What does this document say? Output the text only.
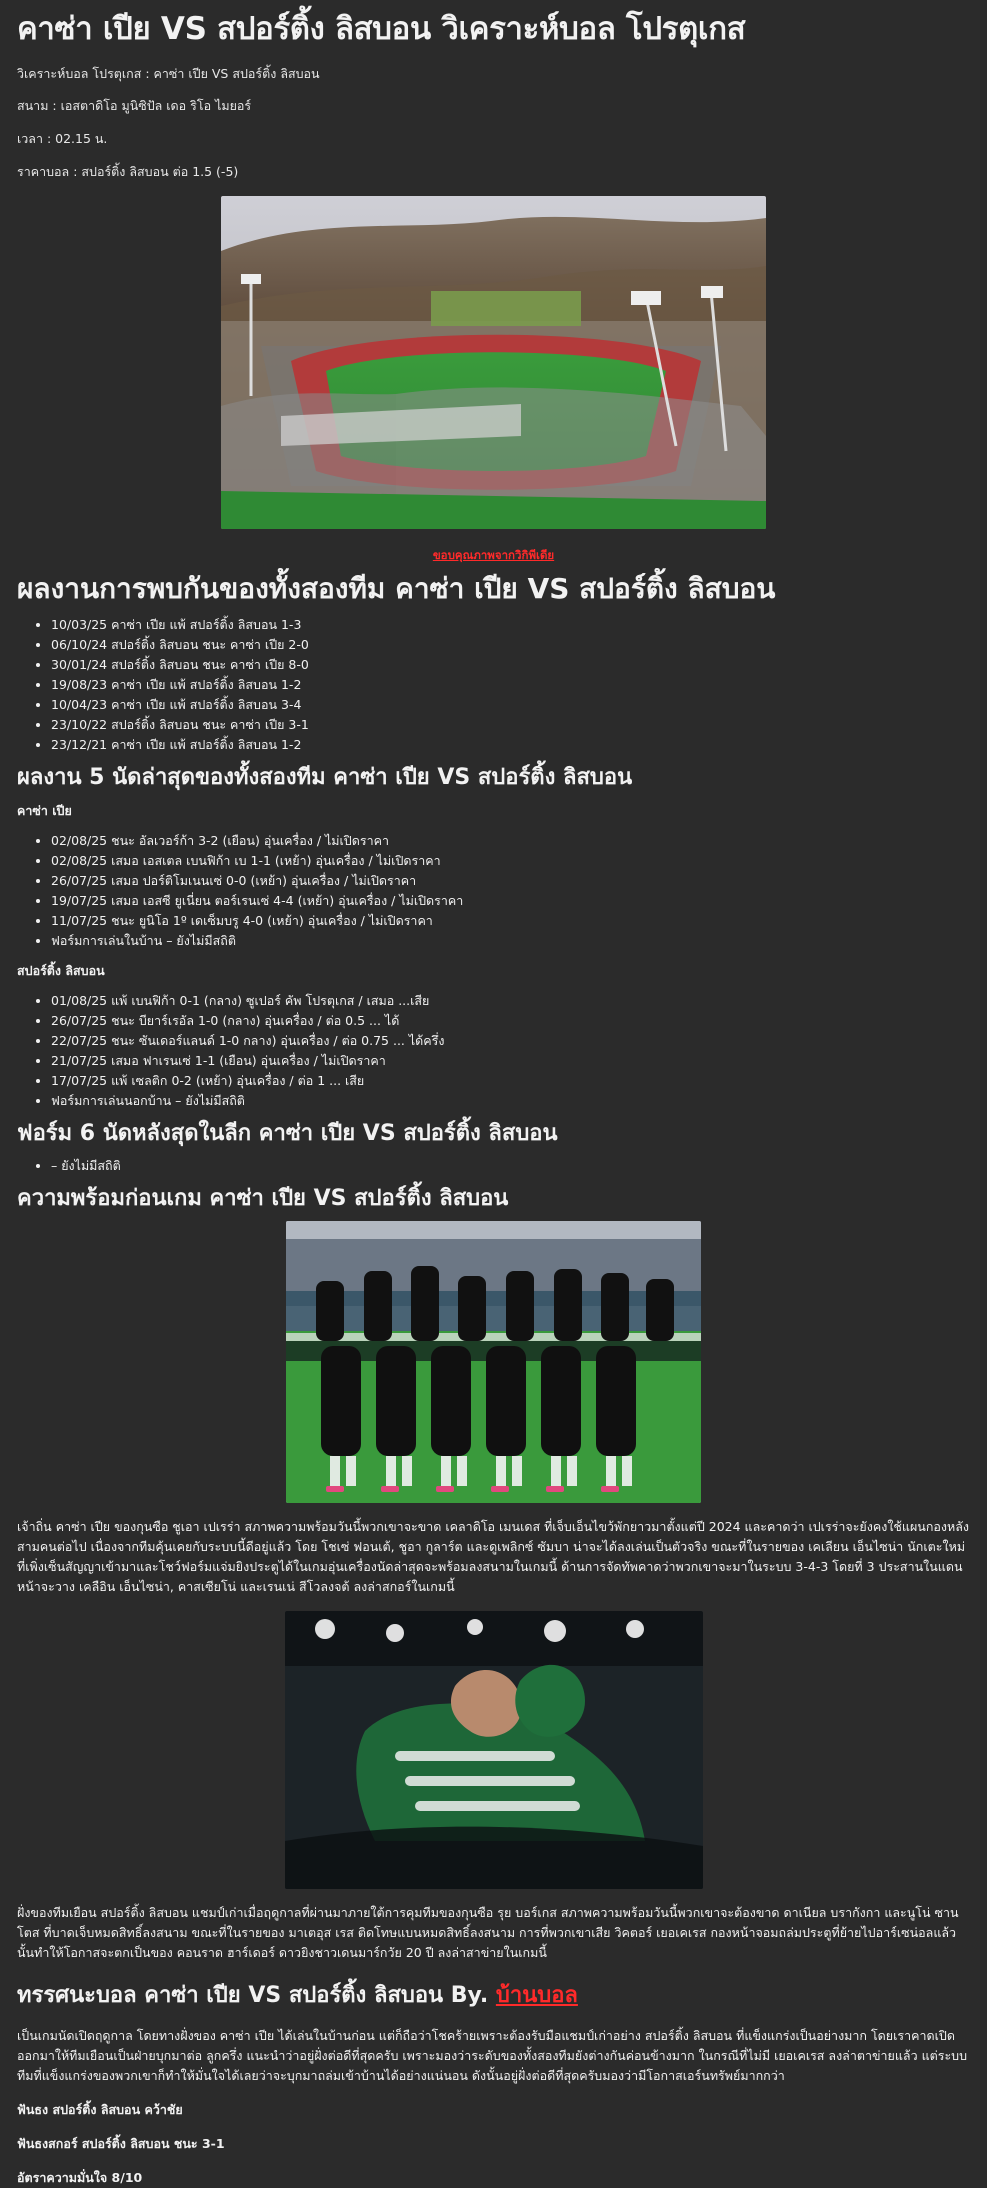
คาซ่า เปีย VS สปอร์ติ้ง ลิสบอน วิเคราะห์บอล โปรตุเกส
วิเคราะห์บอล โปรตุเกส : คาซ่า เปีย VS สปอร์ติ้ง ลิสบอน
สนาม : เอสตาดิโอ มูนิซิปัล เดอ ริโอ ไมยอร์
เวลา : 02.15 น.
ราคาบอล : สปอร์ติ้ง ลิสบอน ต่อ 1.5 (-5)
ขอบคุณภาพจากวิกิพีเดีย
ผลงานการพบกันของทั้งสองทีม คาซ่า เปีย VS สปอร์ติ้ง ลิสบอน
• 10/03/25 คาซ่า เปีย แพ้ สปอร์ติ้ง ลิสบอน 1-3
• 06/10/24 สปอร์ติ้ง ลิสบอน ชนะ คาซ่า เปีย 2-0
• 30/01/24 สปอร์ติ้ง ลิสบอน ชนะ คาซ่า เปีย 8-0
• 19/08/23 คาซ่า เปีย แพ้ สปอร์ติ้ง ลิสบอน 1-2
• 10/04/23 คาซ่า เปีย แพ้ สปอร์ติ้ง ลิสบอน 3-4
• 23/10/22 สปอร์ติ้ง ลิสบอน ชนะ คาซ่า เปีย 3-1
• 23/12/21 คาซ่า เปีย แพ้ สปอร์ติ้ง ลิสบอน 1-2
ผลงาน 5 นัดล่าสุดของทั้งสองทีม คาซ่า เปีย VS สปอร์ติ้ง ลิสบอน
คาซ่า เปีย
• 02/08/25 ชนะ อัลเวอร์ก้า 3-2 (เยือน) อุ่นเครื่อง / ไม่เปิดราคา
• 02/08/25 เสมอ เอสเตล เบนฟิก้า เบ 1-1 (เหย้า) อุ่นเครื่อง / ไม่เปิดราคา
• 26/07/25 เสมอ ปอร์ติโมเนนเซ่ 0-0 (เหย้า) อุ่นเครื่อง / ไม่เปิดราคา
• 19/07/25 เสมอ เอสซี ยูเนี่ยน ตอร์เรนเซ่ 4-4 (เหย้า) อุ่นเครื่อง / ไม่เปิดราคา
• 11/07/25 ชนะ ยูนิโอ 1º เดเซ็มบรู 4-0 (เหย้า) อุ่นเครื่อง / ไม่เปิดราคา
• ฟอร์มการเล่นในบ้าน – ยังไม่มีสถิติ
สปอร์ติ้ง ลิสบอน
• 01/08/25 แพ้ เบนฟิก้า 0-1 (กลาง) ซูเปอร์ คัพ โปรตุเกส / เสมอ ...เสีย
• 26/07/25 ชนะ บียาร์เรอัล 1-0 (กลาง) อุ่นเครื่อง / ต่อ 0.5 ... ได้
• 22/07/25 ชนะ ซันเดอร์แลนด์ 1-0 กลาง) อุ่นเครื่อง / ต่อ 0.75 ... ได้ครึ่ง
• 21/07/25 เสมอ ฟาเรนเซ่ 1-1 (เยือน) อุ่นเครื่อง / ไม่เปิดราคา
• 17/07/25 แพ้ เซลติก 0-2 (เหย้า) อุ่นเครื่อง / ต่อ 1 ... เสีย
• ฟอร์มการเล่นนอกบ้าน – ยังไม่มีสถิติ
ฟอร์ม 6 นัดหลังสุดในลีก คาซ่า เปีย VS สปอร์ติ้ง ลิสบอน
• – ยังไม่มีสถิติ
ความพร้อมก่อนเกม คาซ่า เปีย VS สปอร์ติ้ง ลิสบอน
เจ้าถิ่น คาซ่า เปีย ของกุนซือ ชูเอา เปเรร่า สภาพความพร้อมวันนี้พวกเขาจะขาด เคลาดิโอ เมนเดส ที่เจ็บเอ็นไขว้พักยาวมาตั้งแต่ปี 2024 และคาดว่า เปเรร่าจะยังคงใช้แผนกองหลังสามคนต่อไป เนื่องจากทีมคุ้นเคยกับระบบนี้ดีอยู่แล้ว โดย โชเซ่ ฟอนเต้, ชูอา กูลาร์ต และดูเพลิกซ์ ซัมบา น่าจะได้ลงเล่นเป็นตัวจริง ขณะที่ในรายของ เคเลียน เอ็นไซน่า นักเตะใหม่ที่เพิ่งเซ็นสัญญาเข้ามาและโชว์ฟอร์มแจ่มยิงประตูได้ในเกมอุ่นเครื่องนัดล่าสุดจะพร้อมลงสนามในเกมนี้ ด้านการจัดทัพคาดว่าพวกเขาจะมาในระบบ 3-4-3 โดยที่ 3 ประสานในแดนหน้าจะวาง เคลือิน เอ็นไซน่า, คาสเซียโน่ และเรนเน่ สีโวลงจต้ ลงล่าสกอร์ในเกมนี้
ฝั่งของทีมเยือน สปอร์ติ้ง ลิสบอน แชมป์เก่าเมื่อฤดูกาลที่ผ่านมาภายใต้การคุมทีมของกุนซือ รุย บอร์เกส สภาพความพร้อมวันนี้พวกเขาจะต้องขาด ดาเนียล บรากังกา และนูโน่ ซานโตส ที่บาดเจ็บหมดสิทธิ์ลงสนาม ขณะที่ในรายของ มาเตอุส เรส ติดโทษแบนหมดสิทธิ์ลงสนาม การที่พวกเขาเสีย วิคตอร์ เยอเคเรส กองหน้าจอมถล่มประตูที่ย้ายไปอาร์เซน่อลแล้วนั้นทำให้โอกาสจะตกเป็นของ คอนราด ฮาร์เดอร์ ดาวยิงชาวเดนมาร์กวัย 20 ปี ลงล่าสาข่ายในเกมนี้
ทรรศนะบอล คาซ่า เปีย VS สปอร์ติ้ง ลิสบอน By. บ้านบอล
เป็นเกมนัดเปิดฤดูกาล โดยทางฝั่งของ คาซ่า เปีย ได้เล่นในบ้านก่อน แต่ก็ถือว่าโชคร้ายเพราะต้องรับมือแชมป์เก่าอย่าง สปอร์ติ้ง ลิสบอน ที่แข็งแกร่งเป็นอย่างมาก โดยเราคาดเปิดออกมาให้ทีมเยือนเป็นฝ่ายบุกมาต่อ ลูกครึ่ง แนะนำว่าอยู่ฝั่งต่อดีที่สุดครับ เพราะมองว่าระดับของทั้งสองทีมยังต่างกันค่อนข้างมาก ในกรณีที่ไม่มี เยอเคเรส ลงล่าตาข่ายแล้ว แต่ระบบทีมที่แข็งแกร่งของพวกเขาก็ทำให้มั่นใจได้เลยว่าจะบุกมาถล่มเข้าบ้านได้อย่างแน่นอน ดังนั้นอยู่ฝั่งต่อดีที่สุดครับมองว่ามีโอกาสเอร์นทรัพย์มากกว่า
ฟันธง สปอร์ติ้ง ลิสบอน คว้าชัย
ฟันธงสกอร์ สปอร์ติ้ง ลิสบอน ชนะ 3-1
อัตราความมั่นใจ 8/10
